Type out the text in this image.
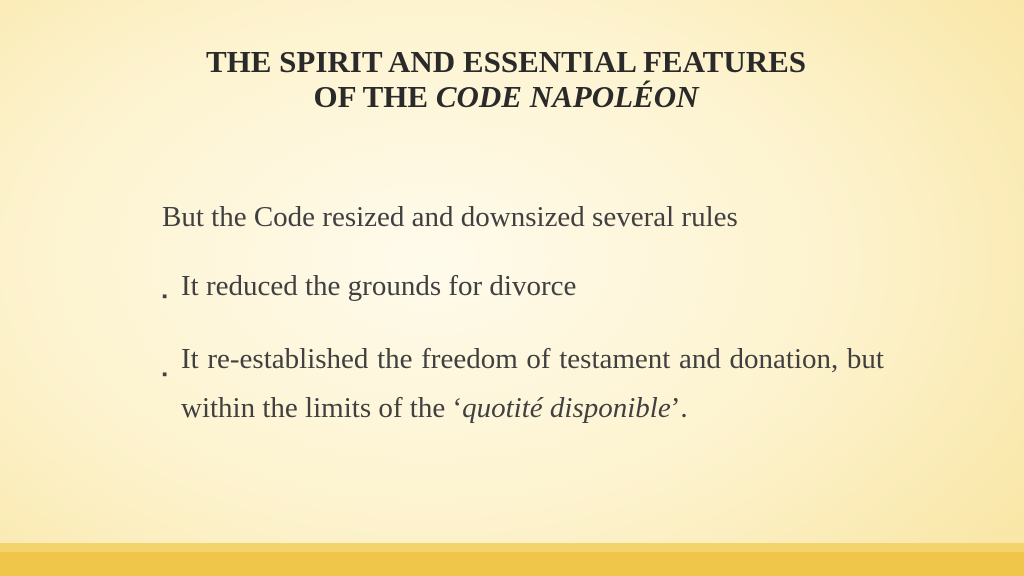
THE SPIRIT AND ESSENTIAL FEATURES
OF THE CODE NAPOLÉON
But the Code resized and downsized several rules
▪ It reduced the grounds for divorce
▪ It re-established the freedom of testament and donation, but within the limits of the ‘quotité disponible’.
